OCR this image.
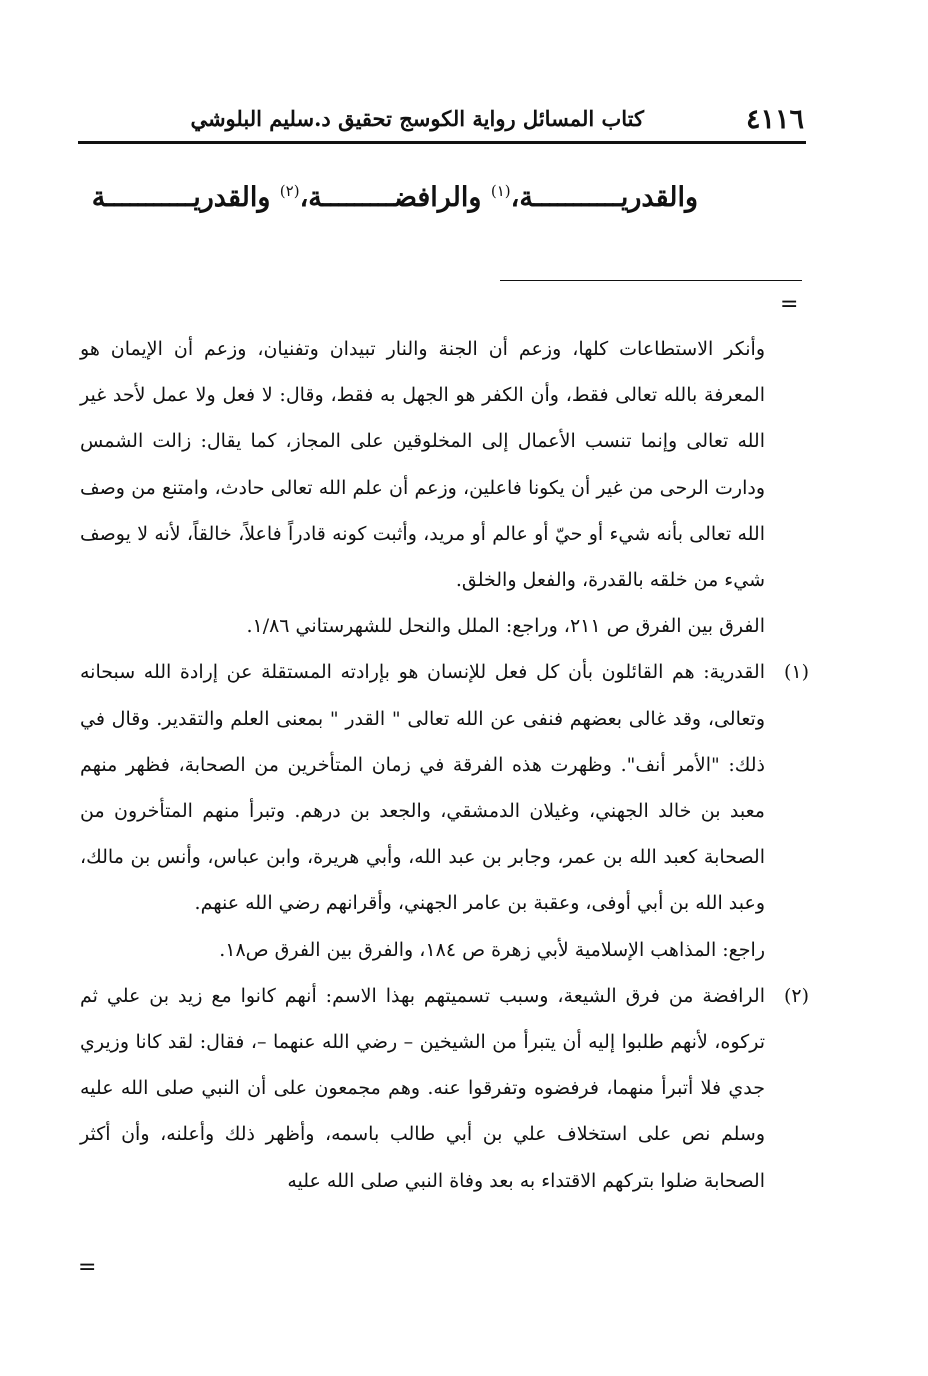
٤١١٦
كتاب المسائل رواية الكوسج تحقيق د.سليم البلوشي
والقدريـــــــــــة،$^{(١)}$ والرافضـــــــــة،$^{(٢)}$ والقدريـــــــــــة
=

وأنكر الاستطاعات كلها، وزعم أن الجنة والنار تبيدان وتفنيان، وزعم أن الإيمان هو المعرفة بالله تعالى فقط، وأن الكفر هو الجهل به فقط، وقال: لا فعل ولا عمل لأحد غير الله تعالى وإنما تنسب الأعمال إلى المخلوقين على المجاز، كما يقال: زالت الشمس ودارت الرحى من غير أن يكونا فاعلين، وزعم أن علم الله تعالى حادث، وامتنع من وصف الله تعالى بأنه شيء أو حيّ أو عالم أو مريد، وأثبت كونه قادراً فاعلاً، خالقاً، لأنه لا يوصف شيء من خلقه بالقدرة، والفعل والخلق.

الفرق بين الفرق ص ٢١١، وراجع: الملل والنحل للشهرستاني ١/٨٦.

(١)

القدرية: هم القائلون بأن كل فعل للإنسان هو بإرادته المستقلة عن إرادة الله سبحانه وتعالى، وقد غالى بعضهم فنفى عن الله تعالى " القدر " بمعنى العلم والتقدير. وقال في ذلك: "الأمر أنف". وظهرت هذه الفرقة في زمان المتأخرين من الصحابة، فظهر منهم معبد بن خالد الجهني، وغيلان الدمشقي، والجعد بن درهم. وتبرأ منهم المتأخرون من الصحابة كعبد الله بن عمر، وجابر بن عبد الله، وأبي هريرة، وابن عباس، وأنس بن مالك، وعبد الله بن أبي أوفى، وعقبة بن عامر الجهني، وأقرانهم رضي الله عنهم.

راجع: المذاهب الإسلامية لأبي زهرة ص ١٨٤، والفرق بين الفرق ص١٨.

(٢)

الرافضة من فرق الشيعة، وسبب تسميتهم بهذا الاسم: أنهم كانوا مع زيد بن علي ثم تركوه، لأنهم طلبوا إليه أن يتبرأ من الشيخين – رضي الله عنهما –، فقال: لقد كانا وزيري جدي فلا أتبرأ منهما، فرفضوه وتفرقوا عنه. وهم مجمعون على أن النبي صلى الله عليه وسلم نص على استخلاف علي بن أبي طالب باسمه، وأظهر ذلك وأعلنه، وأن أكثر الصحابة ضلوا بتركهم الاقتداء به بعد وفاة النبي صلى الله عليه

=
